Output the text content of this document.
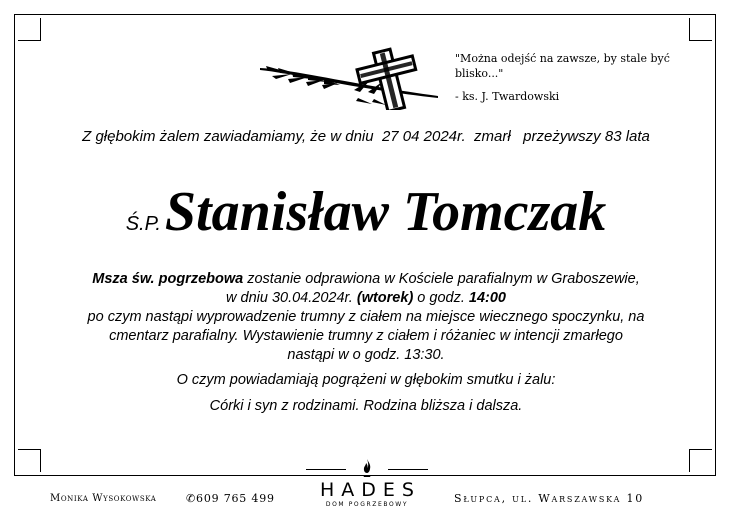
"Można odejść na zawsze, by stale być
blisko..."
- ks. J. Twardowski
Z głębokim żalem zawiadamiamy, że w dniu 27 04 2024r. zmarł przeżywszy 83 lata
Ś.P.Stanisław Tomczak

Msza św. pogrzebowa zostanie odprawiona w Kościele parafialnym w Graboszewie,

w dniu 30.04.2024r. (wtorek) o godz. 14:00

po czym nastąpi wyprowadzenie trumny z ciałem na miejsce wiecznego spoczynku, na

cmentarz parafialny. Wystawienie trumny z ciałem i różaniec w intencji zmarłego

nastąpi w o godz. 13:30.

O czym powiadamiają pogrążeni w głębokim smutku i żalu:

Córki i syn z rodzinami. Rodzina bliższa i dalsza.

Monika Wysokowska	✆609 765 499	HADES
DOM POGRZEBOWY	Słupca, ul. Warszawska 10
